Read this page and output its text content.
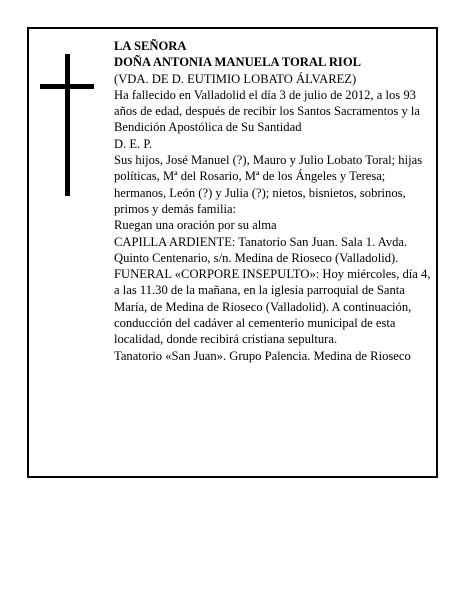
LA SEÑORA

DOÑA ANTONIA MANUELA TORAL RIOL

(VDA. DE D. EUTIMIO LOBATO ÁLVAREZ)

Ha fallecido en Valladolid el día 3 de julio de 2012, a los 93 años de edad, después de recibir los Santos Sacramentos y la Bendición Apostólica de Su Santidad

D. E. P.

Sus hijos, José Manuel (?), Mauro y Julio Lobato Toral; hijas políticas, Mª del Rosario, Mª de los Ángeles y Teresa; hermanos, León (?) y Julia (?); nietos, bisnietos, sobrinos, primos y demás familia:

Ruegan una oración por su alma

CAPILLA ARDIENTE: Tanatorio San Juan. Sala 1. Avda. Quinto Centenario, s/n. Medina de Rioseco (Valladolid).

FUNERAL «CORPORE INSEPULTO»: Hoy miércoles, día 4, a las 11.30 de la mañana, en la iglesia parroquial de Santa María, de Medina de Rioseco (Valladolid). A continuación, conducción del cadáver al cementerio municipal de esta localidad, donde recibirá cristiana sepultura.

Tanatorio «San Juan». Grupo Palencia. Medina de Rioseco
